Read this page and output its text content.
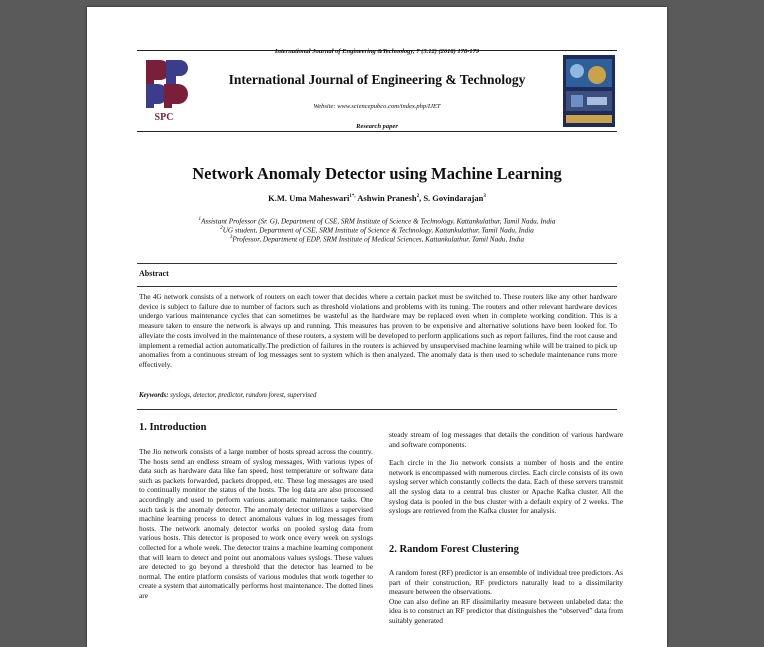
International Journal of Engineering &Technology, 7 (3.12) (2018) 178-179
SPC
International Journal of Engineering & Technology
Website: www.sciencepubco.com/index.php/IJET
Research paper
Network Anomaly Detector using Machine Learning
K.M. Uma Maheswari$^{1*,}$ Ashwin Pranesh$^2$, S. Govindarajan$^3$
$^1$Assistant Professor (Sr. G), Department of CSE, SRM Institute of Science & Technology, Kattankulathur, Tamil Nadu, India
$^2$UG student, Department of CSE, SRM Institute of Science & Technology, Kattankulathur, Tamil Nadu, India
$^3$Professor, Department of EDP, SRM Institute of Medical Sciences, Kattankulathur, Tamil Nadu, India
Abstract

The 4G network consists of a network of routers on each tower that decides where a certain packet must be switched to. These routers like any other hardware device is subject to failure due to number of factors such as threshold violations and problems with its tuning. The routers and other relevant hardware devices undergo various maintenance cycles that can sometimes be wasteful as the hardware may be replaced even when in complete working condition. This is a measure taken to ensure the network is always up and running. This measures has proven to be expensive and alternative solutions have been looked for. To alleviate the costs involved in the maintenance of these routers, a system will be developed to perform applications such as report failures, find the root cause and implement a remedial action automatically.The prediction of failures in the routers is achieved by unsupervised machine learning while will be trained to pick up anomalies from a continuous stream of log messages sent to system which is then analyzed. The anomaly data is then used to schedule maintenance runs more effectively.

Keywords: syslogs, detector, predictor, random forest, supervised
1. Introduction

The Jio network consists of a large number of hosts spread across the country. The hosts send an endless stream of syslog messages, With various types of data such as hardware data like fan speed, host temperature or software data such as packets forwarded, packets dropped, etc. These log messages are used to continually monitor the status of the hosts. The log data are also processed accordingly and used to perform various automatic maintenance tasks. One such task is the anomaly detector. The anomaly detector utilizes a supervised machine learning process to detect anomalous values in log messages from hosts. The network anomaly detector works on pooled syslog data from various hosts. This detector is proposed to work once every week on syslogs collected for a whole week. The detector trains a machine learning component that will learn to detect and point out anomalous values syslogs. These values are detected to go beyond a threshold that the detector has learned to be normal. The entire platform consists of various modules that work together to create a system that automatically performs host maintenance. The dotted lines are

steady stream of log messages that details the condition of various hardware and software components.

Each circle in the Jio network consists a number of hosts and the entire network is encompassed with numerous circles. Each circle consists of its own syslog server which constantly collects the data. Each of these servers transmit all the syslog data to a central bus cluster or Apache Kafka cluster. All the syslog data is pooled in the bus cluster with a default expiry of 2 weeks. The syslogs are retrieved from the Kafka cluster for analysis.

2. Random Forest Clustering

A random forest (RF) predictor is an ensemble of individual tree predictors. As part of their construction, RF predictors naturally lead to a dissimilarity measure between the observations.

One can also define an RF dissimilarity measure between unlabeled data: the idea is to construct an RF predictor that distinguishes the “observed” data from suitably generated
